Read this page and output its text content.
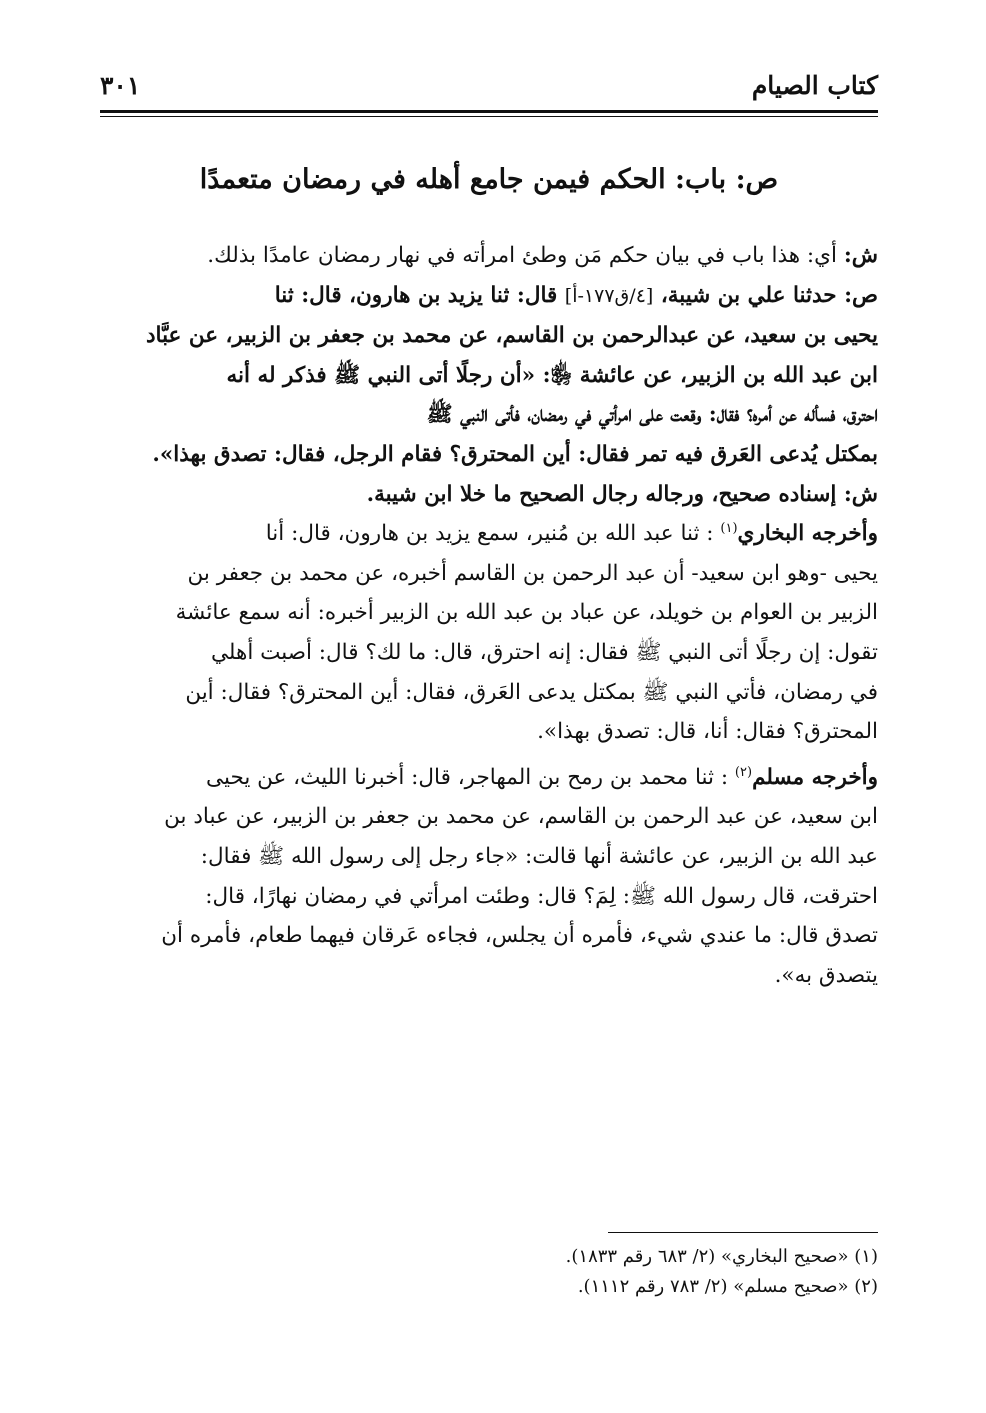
كتاب الصيام
٣٠١
ص: باب: الحكم فيمن جامع أهله في رمضان متعمدًا

ش: أي: هذا باب في بيان حكم مَن وطئ امرأته في نهار رمضان عامدًا بذلك.

ص: حدثنا علي بن شيبة، [٤/ق١٧٧-أ] قال: ثنا يزيد بن هارون، قال: ثنا
يحيى بن سعيد، عن عبدالرحمن بن القاسم، عن محمد بن جعفر بن الزبير، عن عبَّاد
ابن عبد الله بن الزبير، عن عائشة ﵂: «أن رجلًا أتى النبي ﷺ فذكر له أنه
احترق، فسأله عن أمره؟ فقال: وقعت على امرأتي في رمضان، فأتى النبي ﷺ
بمكتل يُدعى العَرق فيه تمر فقال: أين المحترق؟ فقام الرجل، فقال: تصدق بهذا».

ش: إسناده صحيح، ورجاله رجال الصحيح ما خلا ابن شيبة.

وأخرجه البخاري$^{(١)}$ : ثنا عبد الله بن مُنير، سمع يزيد بن هارون، قال: أنا
يحيى -وهو ابن سعيد- أن عبد الرحمن بن القاسم أخبره، عن محمد بن جعفر بن
الزبير بن العوام بن خويلد، عن عباد بن عبد الله بن الزبير أخبره: أنه سمع عائشة
تقول: إن رجلًا أتى النبي ﷺ فقال: إنه احترق، قال: ما لك؟ قال: أصبت أهلي
في رمضان، فأتي النبي ﷺ بمكتل يدعى العَرق، فقال: أين المحترق؟ فقال: أين
المحترق؟ فقال: أنا، قال: تصدق بهذا».

وأخرجه مسلم$^{(٢)}$ : ثنا محمد بن رمح بن المهاجر، قال: أخبرنا الليث، عن يحيى
ابن سعيد، عن عبد الرحمن بن القاسم، عن محمد بن جعفر بن الزبير، عن عباد بن
عبد الله بن الزبير، عن عائشة أنها قالت: «جاء رجل إلى رسول الله ﷺ فقال:
احترقت، قال رسول الله ﷺ: لِمَ؟ قال: وطئت امرأتي في رمضان نهارًا، قال:
تصدق قال: ما عندي شيء، فأمره أن يجلس، فجاءه عَرقان فيهما طعام، فأمره أن
يتصدق به».

(١) «صحيح البخاري» (٢/ ٦٨٣ رقم ١٨٣٣).
(٢) «صحيح مسلم» (٢/ ٧٨٣ رقم ١١١٢).
